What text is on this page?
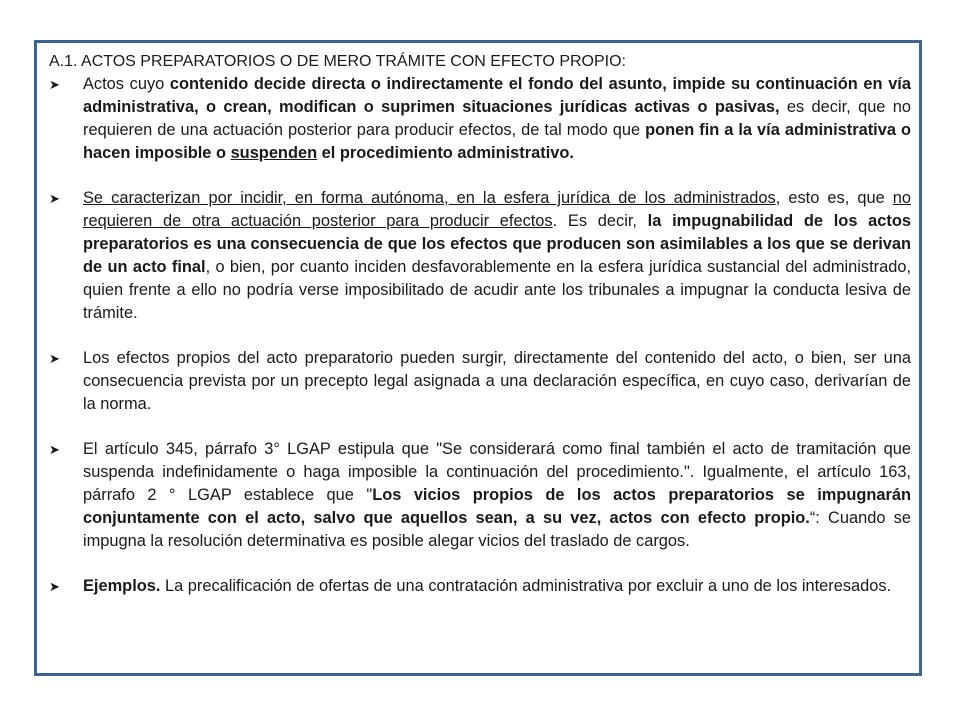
A.1. ACTOS PREPARATORIOS O DE MERO TRÁMITE CON EFECTO PROPIO:
➤	Actos cuyo contenido decide directa o indirectamente el fondo del asunto, impide su continuación en vía administrativa, o crean, modifican o suprimen situaciones jurídicas activas o pasivas, es decir, que no requieren de una actuación posterior para producir efectos, de tal modo que ponen fin a la vía administrativa o hacen imposible o suspenden el procedimiento administrativo.

➤	Se caracterizan por incidir, en forma autónoma, en la esfera jurídica de los administrados, esto es, que no requieren de otra actuación posterior para producir efectos. Es decir, la impugnabilidad de los actos preparatorios es una consecuencia de que los efectos que producen son asimilables a los que se derivan de un acto final, o bien, por cuanto inciden desfavorablemente en la esfera jurídica sustancial del administrado, quien frente a ello no podría verse imposibilitado de acudir ante los tribunales a impugnar la conducta lesiva de trámite.

➤	Los efectos propios del acto preparatorio pueden surgir, directamente del contenido del acto, o bien, ser una consecuencia prevista por un precepto legal asignada a una declaración específica, en cuyo caso, derivarían de la norma.

➤	El artículo 345, párrafo 3° LGAP estipula que "Se considerará como final también el acto de tramitación que suspenda indefinidamente o haga imposible la continuación del procedimiento.". Igualmente, el artículo 163, párrafo 2 ° LGAP establece que "Los vicios propios de los actos preparatorios se impugnarán conjuntamente con el acto, salvo que aquellos sean, a su vez, actos con efecto propio.“: Cuando se impugna la resolución determinativa es posible alegar vicios del traslado de cargos.

➤	Ejemplos. La precalificación de ofertas de una contratación administrativa por excluir a uno de los interesados.
